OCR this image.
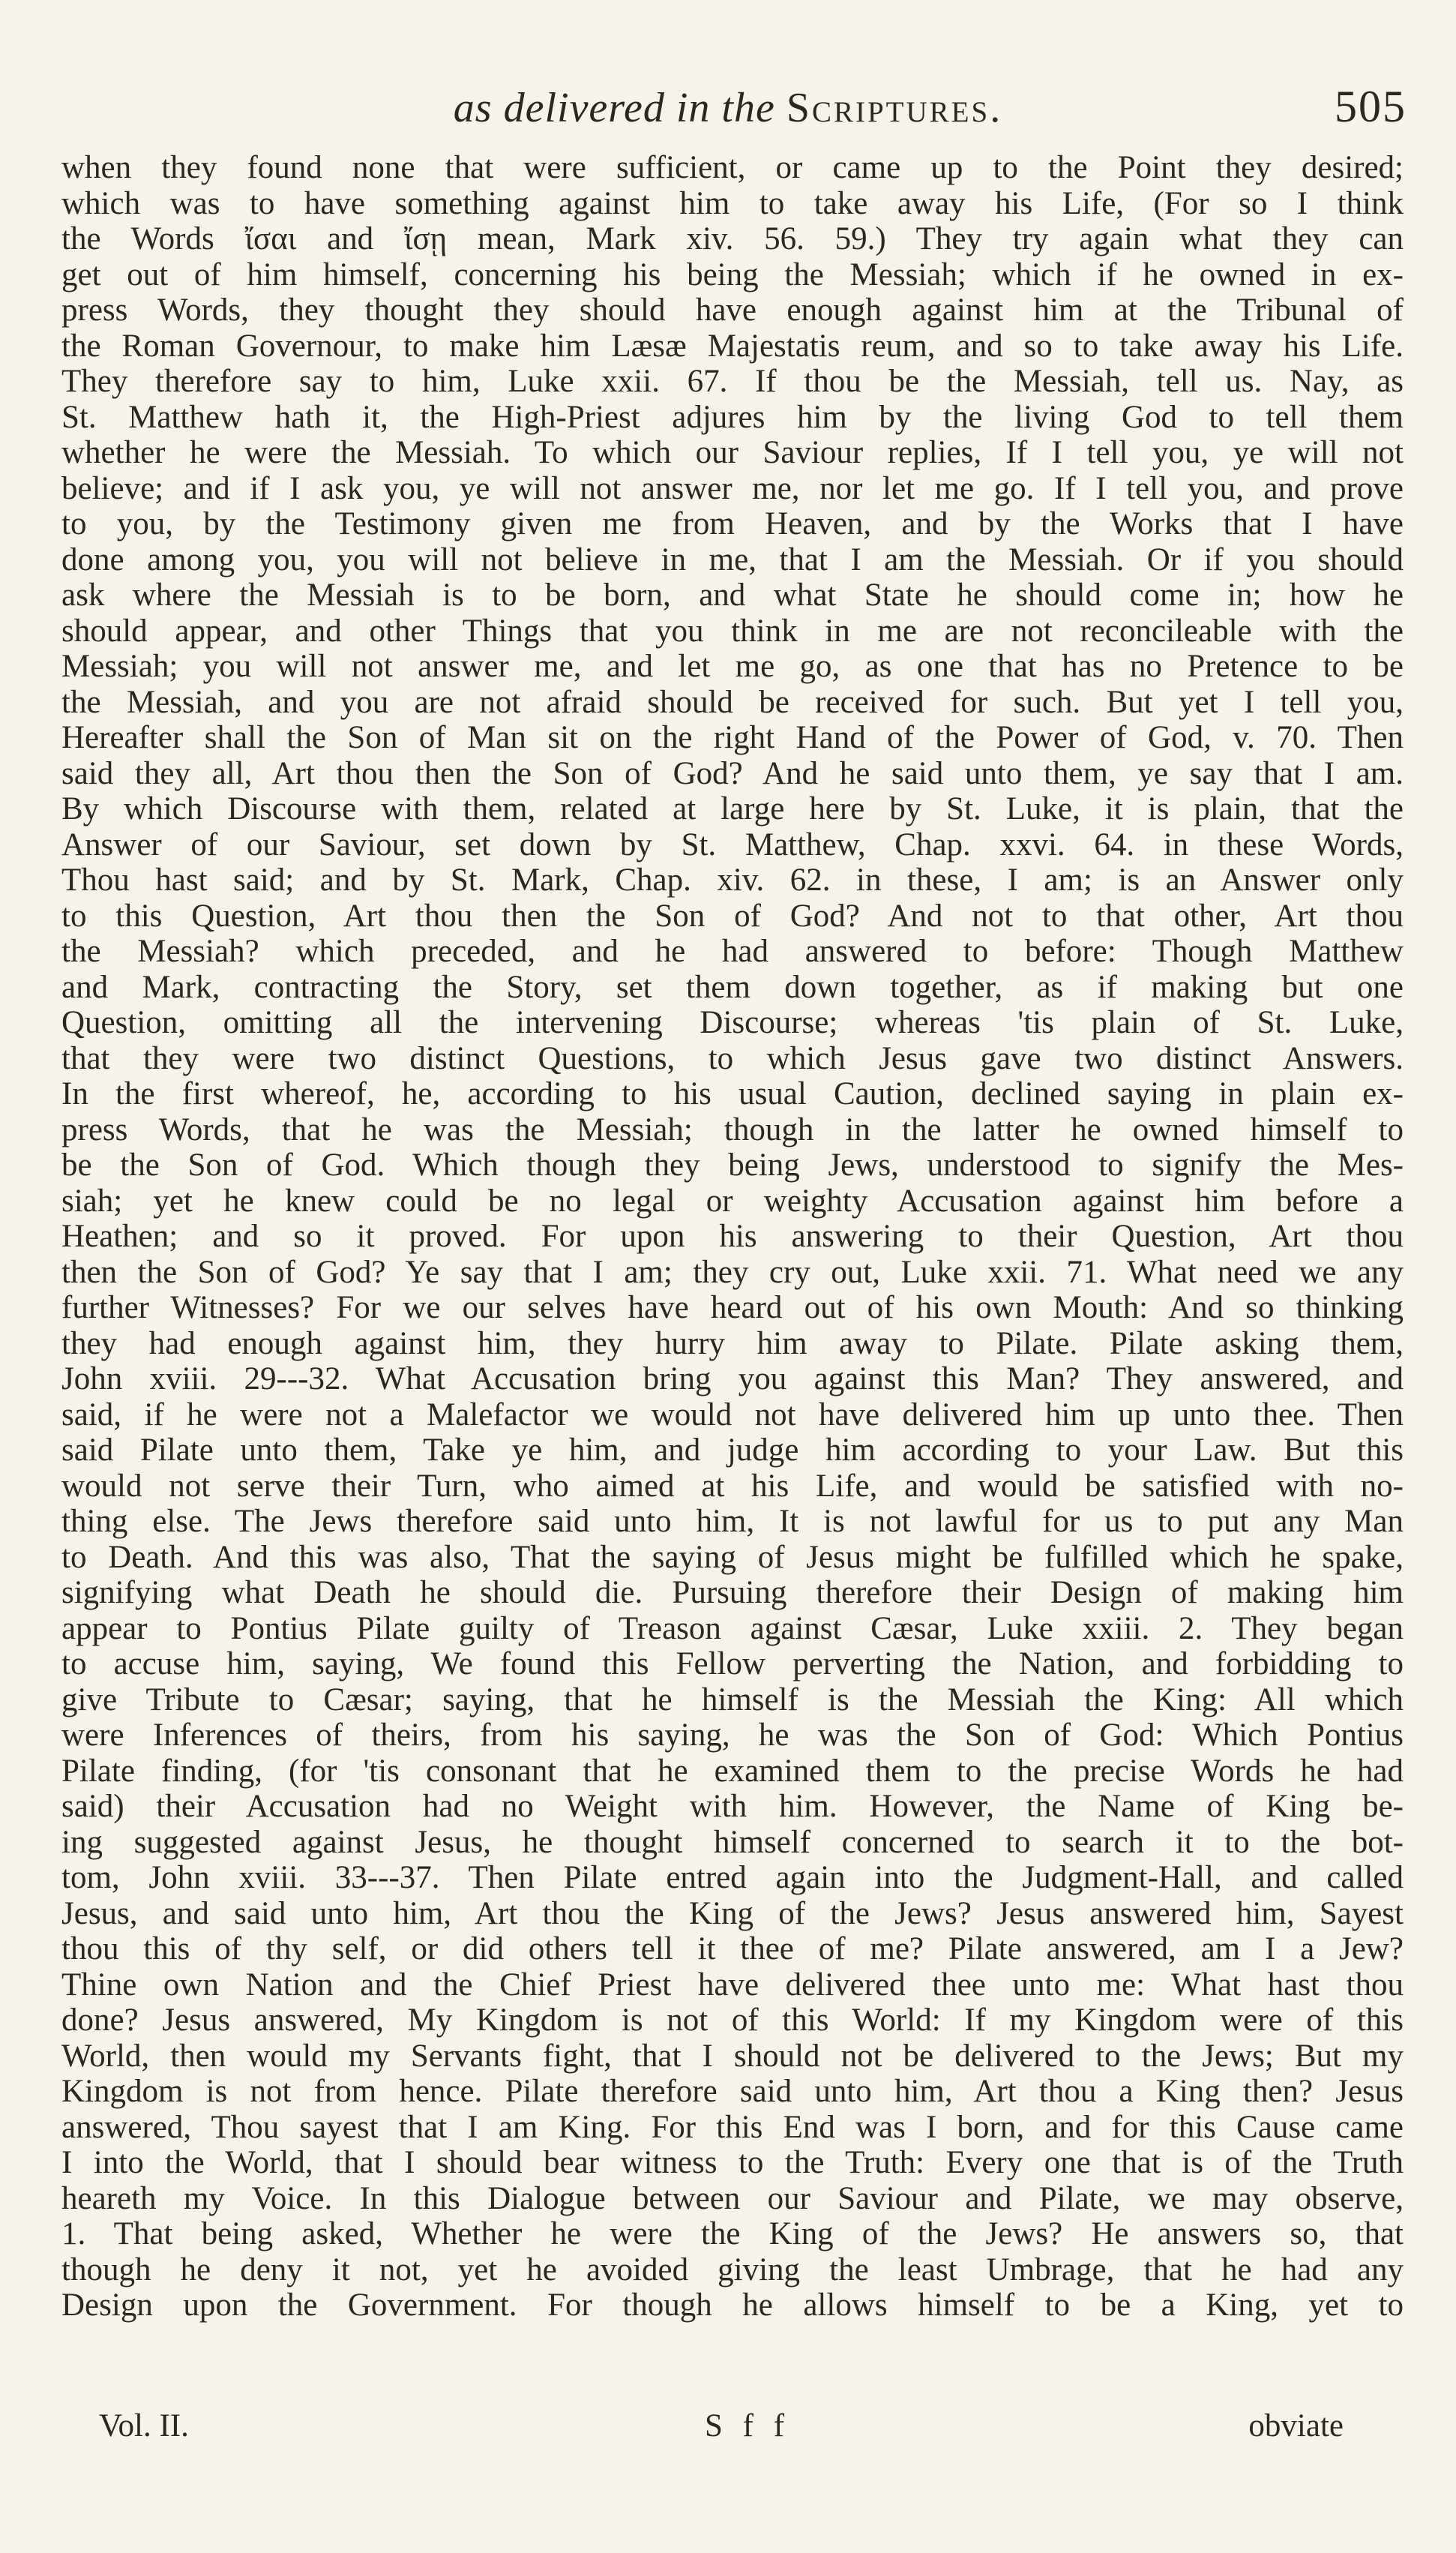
as delivered in the Scriptures.	505
when they found none that were sufficient, or came up to the Point they desired;
which was to have something against him to take away his Life, (For so I think
the Words ἴσαι and ἴσῃ mean, Mark xiv. 56. 59.) They try again what they can
get out of him himself, concerning his being the Messiah; which if he owned in ex-
press Words, they thought they should have enough against him at the Tribunal of
the Roman Governour, to make him Læsæ Majestatis reum, and so to take away his Life.
They therefore say to him, Luke xxii. 67. If thou be the Messiah, tell us. Nay, as
St. Matthew hath it, the High-Priest adjures him by the living God to tell them
whether he were the Messiah. To which our Saviour replies, If I tell you, ye will not
believe; and if I ask you, ye will not answer me, nor let me go. If I tell you, and prove
to you, by the Testimony given me from Heaven, and by the Works that I have
done among you, you will not believe in me, that I am the Messiah. Or if you should
ask where the Messiah is to be born, and what State he should come in; how he
should appear, and other Things that you think in me are not reconcileable with the
Messiah; you will not answer me, and let me go, as one that has no Pretence to be
the Messiah, and you are not afraid should be received for such. But yet I tell you,
Hereafter shall the Son of Man sit on the right Hand of the Power of God, v. 70. Then
said they all, Art thou then the Son of God? And he said unto them, ye say that I am.
By which Discourse with them, related at large here by St. Luke, it is plain, that the
Answer of our Saviour, set down by St. Matthew, Chap. xxvi. 64. in these Words,
Thou hast said; and by St. Mark, Chap. xiv. 62. in these, I am; is an Answer only
to this Question, Art thou then the Son of God? And not to that other, Art thou
the Messiah? which preceded, and he had answered to before: Though Matthew
and Mark, contracting the Story, set them down together, as if making but one
Question, omitting all the intervening Discourse; whereas 'tis plain of St. Luke,
that they were two distinct Questions, to which Jesus gave two distinct Answers.
In the first whereof, he, according to his usual Caution, declined saying in plain ex-
press Words, that he was the Messiah; though in the latter he owned himself to
be the Son of God. Which though they being Jews, understood to signify the Mes-
siah; yet he knew could be no legal or weighty Accusation against him before a
Heathen; and so it proved. For upon his answering to their Question, Art thou
then the Son of God? Ye say that I am; they cry out, Luke xxii. 71. What need we any
further Witnesses? For we our selves have heard out of his own Mouth: And so thinking
they had enough against him, they hurry him away to Pilate. Pilate asking them,
John xviii. 29---32. What Accusation bring you against this Man? They answered, and
said, if he were not a Malefactor we would not have delivered him up unto thee. Then
said Pilate unto them, Take ye him, and judge him according to your Law. But this
would not serve their Turn, who aimed at his Life, and would be satisfied with no-
thing else. The Jews therefore said unto him, It is not lawful for us to put any Man
to Death. And this was also, That the saying of Jesus might be fulfilled which he spake,
signifying what Death he should die. Pursuing therefore their Design of making him
appear to Pontius Pilate guilty of Treason against Cæsar, Luke xxiii. 2. They began
to accuse him, saying, We found this Fellow perverting the Nation, and forbidding to
give Tribute to Cæsar; saying, that he himself is the Messiah the King: All which
were Inferences of theirs, from his saying, he was the Son of God: Which Pontius
Pilate finding, (for 'tis consonant that he examined them to the precise Words he had
said) their Accusation had no Weight with him. However, the Name of King be-
ing suggested against Jesus, he thought himself concerned to search it to the bot-
tom, John xviii. 33---37. Then Pilate entred again into the Judgment-Hall, and called
Jesus, and said unto him, Art thou the King of the Jews? Jesus answered him, Sayest
thou this of thy self, or did others tell it thee of me? Pilate answered, am I a Jew?
Thine own Nation and the Chief Priest have delivered thee unto me: What hast thou
done? Jesus answered, My Kingdom is not of this World: If my Kingdom were of this
World, then would my Servants fight, that I should not be delivered to the Jews; But my
Kingdom is not from hence. Pilate therefore said unto him, Art thou a King then? Jesus
answered, Thou sayest that I am King. For this End was I born, and for this Cause came
I into the World, that I should bear witness to the Truth: Every one that is of the Truth
heareth my Voice. In this Dialogue between our Saviour and Pilate, we may observe,
1. That being asked, Whether he were the King of the Jews? He answers so, that
though he deny it not, yet he avoided giving the least Umbrage, that he had any
Design upon the Government. For though he allows himself to be a King, yet to
Vol. II.	S f f	obviate
